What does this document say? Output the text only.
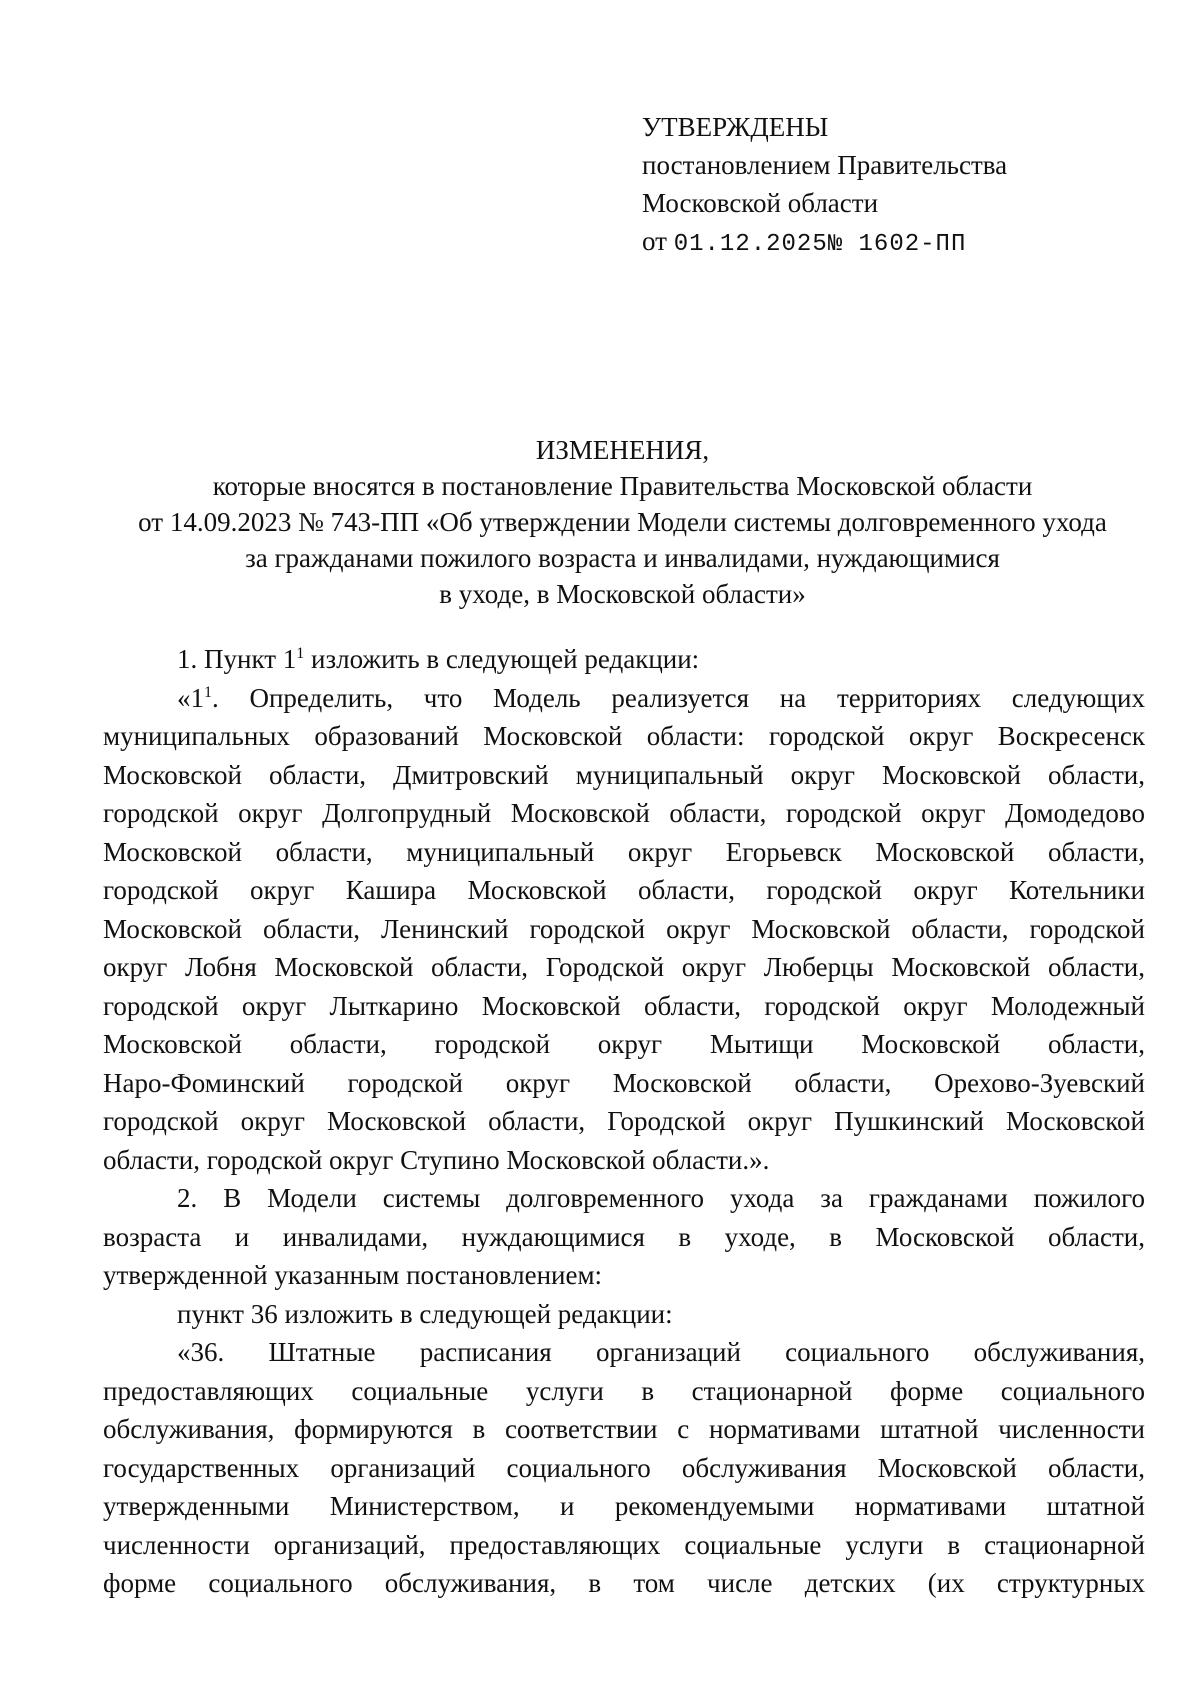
УТВЕРЖДЕНЫ
постановлением Правительства
Московской области
от 01.12.2025№ 1602-ПП
ИЗМЕНЕНИЯ,
которые вносятся в постановление Правительства Московской области
от 14.09.2023 № 743-ПП «Об утверждении Модели системы долговременного ухода
за гражданами пожилого возраста и инвалидами, нуждающимися
в уходе, в Московской области»
1. Пункт $1^1$ изложить в следующей редакции:
«$1^1$. Определить, что Модель реализуется на территориях следующих
муниципальных образований Московской области: городской округ Воскресенск
Московской области, Дмитровский муниципальный округ Московской области,
городской округ Долгопрудный Московской области, городской округ Домодедово
Московской области, муниципальный округ Егорьевск Московской области,
городской округ Кашира Московской области, городской округ Котельники
Московской области, Ленинский городской округ Московской области, городской
округ Лобня Московской области, Городской округ Люберцы Московской области,
городской округ Лыткарино Московской области, городской округ Молодежный
Московской области, городской округ Мытищи Московской области,
Наро-Фоминский городской округ Московской области, Орехово-Зуевский
городской округ Московской области, Городской округ Пушкинский Московской
области, городской округ Ступино Московской области.».
2. В Модели системы долговременного ухода за гражданами пожилого
возраста и инвалидами, нуждающимися в уходе, в Московской области,
утвержденной указанным постановлением:
пункт 36 изложить в следующей редакции:
«36. Штатные расписания организаций социального обслуживания,
предоставляющих социальные услуги в стационарной форме социального
обслуживания, формируются в соответствии с нормативами штатной численности
государственных организаций социального обслуживания Московской области,
утвержденными Министерством, и рекомендуемыми нормативами штатной
численности организаций, предоставляющих социальные услуги в стационарной
форме социального обслуживания, в том числе детских (их структурных
